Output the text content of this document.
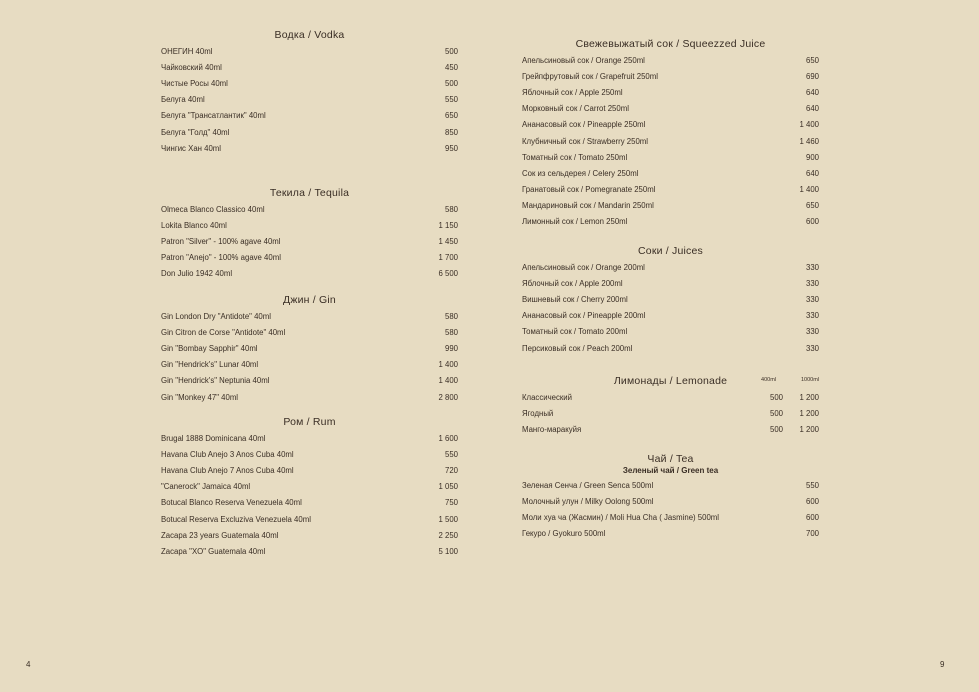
Водка / Vodka
ОНЕГИН 40ml	500
Чайковский 40ml	450
Чистые Росы 40ml	500
Белуга 40ml	550
Белуга "Трансатлантик" 40ml	650
Белуга "Голд" 40ml	850
Чингис Хан 40ml	950
Текила / Tequila
Olmeca Blanco Classico 40ml	580
Lokita Blanco 40ml	1 150
Patron "Silver" - 100% agave 40ml	1 450
Patron "Anejo" - 100% agave 40ml	1 700
Don Julio 1942 40ml	6 500
Джин / Gin
Gin London Dry "Antidote" 40ml	580
Gin Citron de Corse "Antidote" 40ml	580
Gin "Bombay Sapphir" 40ml	990
Gin "Hendrick's" Lunar 40ml	1 400
Gin "Hendrick's" Neptunia 40ml	1 400
Gin "Monkey 47" 40ml	2 800
Ром / Rum
Brugal 1888 Dominicana 40ml	1 600
Havana Club Anejo 3 Anos Cuba 40ml	550
Havana Club Anejo 7 Anos Cuba 40ml	720
"Canerock" Jamaica 40ml	1 050
Botucal Blanco Reserva Venezuela 40ml	750
Botucal Reserva Excluziva Venezuela 40ml	1 500
Zacapa 23 years Guatemala 40ml	2 250
Zacapa "XO" Guatemala 40ml	5 100
Свежевыжатый сок / Squeezzed Juice
Апельсиновый сок / Orange 250ml	650
Грейпфрутовый сок / Grapefruit 250ml	690
Яблочный сок / Apple 250ml	640
Морковный сок / Carrot 250ml	640
Ананасовый сок / Pineapple 250ml	1 400
Клубничный сок / Strawberry 250ml	1 460
Томатный сок / Tomato 250ml	900
Сок из сельдерея / Celery 250ml	640
Гранатовый сок / Pomegranate 250ml	1 400
Мандариновый сок / Mandarin 250ml	650
Лимонный сок / Lemon 250ml	600
Соки / Juices
Апельсиновый сок / Orange 200ml	330
Яблочный сок / Apple 200ml	330
Вишневый сок / Cherry 200ml	330
Ананасовый сок / Pineapple 200ml	330
Томатный сок / Tomato 200ml	330
Персиковый сок / Peach 200ml	330
Лимонады / Lemonade	400ml	1000ml
Классический	500	1 200
Ягодный	500	1 200
Манго-маракуйя	500	1 200
Чай / Tea
Зеленый чай / Green tea
Зеленая Сенча / Green Senca 500ml	550
Молочный улун / Milky Oolong 500ml	600
Моли хуа ча (Жасмин) / Moli Hua Cha ( Jasmine) 500ml	600
Гекуро / Gyokuro 500ml	700
4	9
